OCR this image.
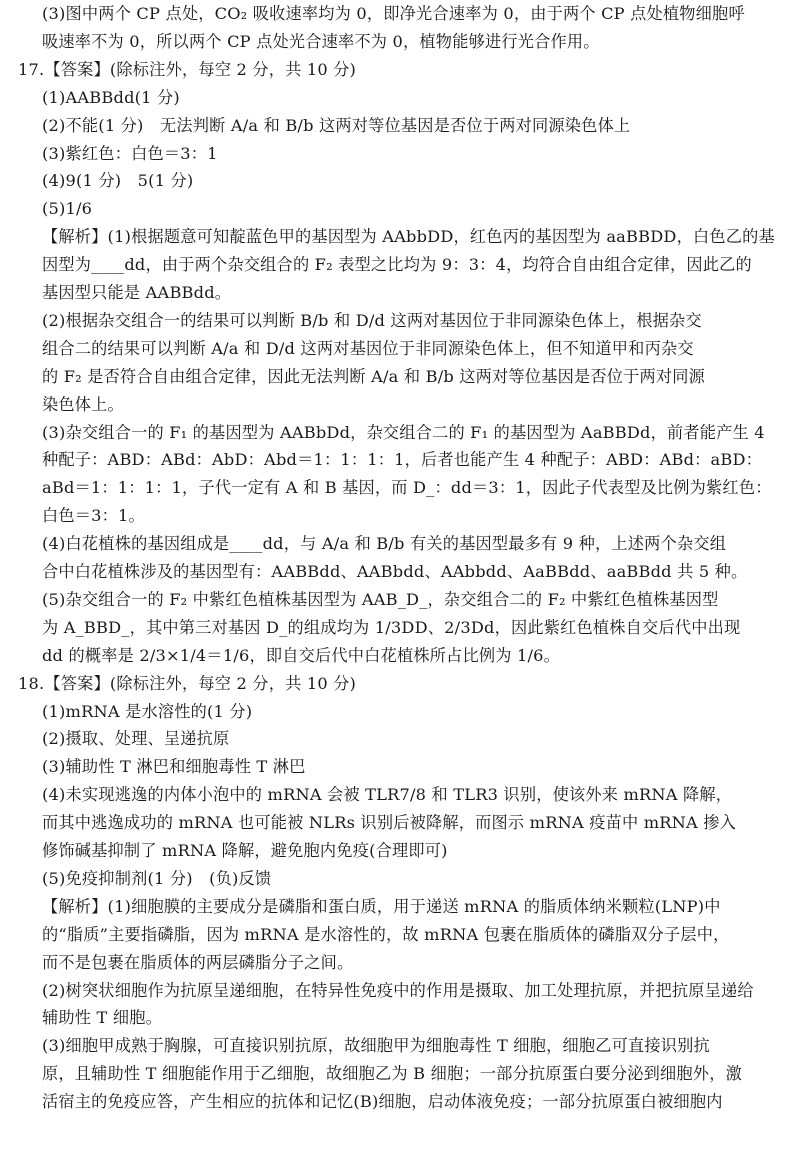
(3)图中两个 CP 点处，CO₂ 吸收速率均为 0，即净光合速率为 0，由于两个 CP 点处植物细胞呼
吸速率不为 0，所以两个 CP 点处光合速率不为 0，植物能够进行光合作用。
17.【答案】(除标注外，每空 2 分，共 10 分)
(1)AABBdd(1 分)
(2)不能(1 分)　无法判断 A/a 和 B/b 这两对等位基因是否位于两对同源染色体上
(3)紫红色：白色＝3：1
(4)9(1 分)　5(1 分)
(5)1/6
【解析】(1)根据题意可知靛蓝色甲的基因型为 AAbbDD，红色丙的基因型为 aaBBDD，白色乙的基
因型为____dd，由于两个杂交组合的 F₂ 表型之比均为 9：3：4，均符合自由组合定律，因此乙的
基因型只能是 AABBdd。
(2)根据杂交组合一的结果可以判断 B/b 和 D/d 这两对基因位于非同源染色体上，根据杂交
组合二的结果可以判断 A/a 和 D/d 这两对基因位于非同源染色体上，但不知道甲和丙杂交
的 F₂ 是否符合自由组合定律，因此无法判断 A/a 和 B/b 这两对等位基因是否位于两对同源
染色体上。
(3)杂交组合一的 F₁ 的基因型为 AABbDd，杂交组合二的 F₁ 的基因型为 AaBBDd，前者能产生 4
种配子：ABD：ABd：AbD：Abd＝1：1：1：1，后者也能产生 4 种配子：ABD：ABd：aBD：
aBd＝1：1：1：1，子代一定有 A 和 B 基因，而 D_：dd＝3：1，因此子代表型及比例为紫红色：
白色＝3：1。
(4)白花植株的基因组成是____dd，与 A/a 和 B/b 有关的基因型最多有 9 种，上述两个杂交组
合中白花植株涉及的基因型有：AABBdd、AABbdd、AAbbdd、AaBBdd、aaBBdd 共 5 种。
(5)杂交组合一的 F₂ 中紫红色植株基因型为 AAB_D_，杂交组合二的 F₂ 中紫红色植株基因型
为 A_BBD_，其中第三对基因 D_的组成均为 1/3DD、2/3Dd，因此紫红色植株自交后代中出现
dd 的概率是 2/3×1/4＝1/6，即自交后代中白花植株所占比例为 1/6。
18.【答案】(除标注外，每空 2 分，共 10 分)
(1)mRNA 是水溶性的(1 分)
(2)摄取、处理、呈递抗原
(3)辅助性 T 淋巴和细胞毒性 T 淋巴
(4)未实现逃逸的内体小泡中的 mRNA 会被 TLR7/8 和 TLR3 识别，使该外来 mRNA 降解，
而其中逃逸成功的 mRNA 也可能被 NLRs 识别后被降解，而图示 mRNA 疫苗中 mRNA 掺入
修饰碱基抑制了 mRNA 降解，避免胞内免疫(合理即可)
(5)免疫抑制剂(1 分)　(负)反馈
【解析】(1)细胞膜的主要成分是磷脂和蛋白质，用于递送 mRNA 的脂质体纳米颗粒(LNP)中
的“脂质”主要指磷脂，因为 mRNA 是水溶性的，故 mRNA 包裹在脂质体的磷脂双分子层中，
而不是包裹在脂质体的两层磷脂分子之间。
(2)树突状细胞作为抗原呈递细胞，在特异性免疫中的作用是摄取、加工处理抗原，并把抗原呈递给
辅助性 T 细胞。
(3)细胞甲成熟于胸腺，可直接识别抗原，故细胞甲为细胞毒性 T 细胞，细胞乙可直接识别抗
原，且辅助性 T 细胞能作用于乙细胞，故细胞乙为 B 细胞；一部分抗原蛋白要分泌到细胞外，激
活宿主的免疫应答，产生相应的抗体和记忆(B)细胞，启动体液免疫；一部分抗原蛋白被细胞内
